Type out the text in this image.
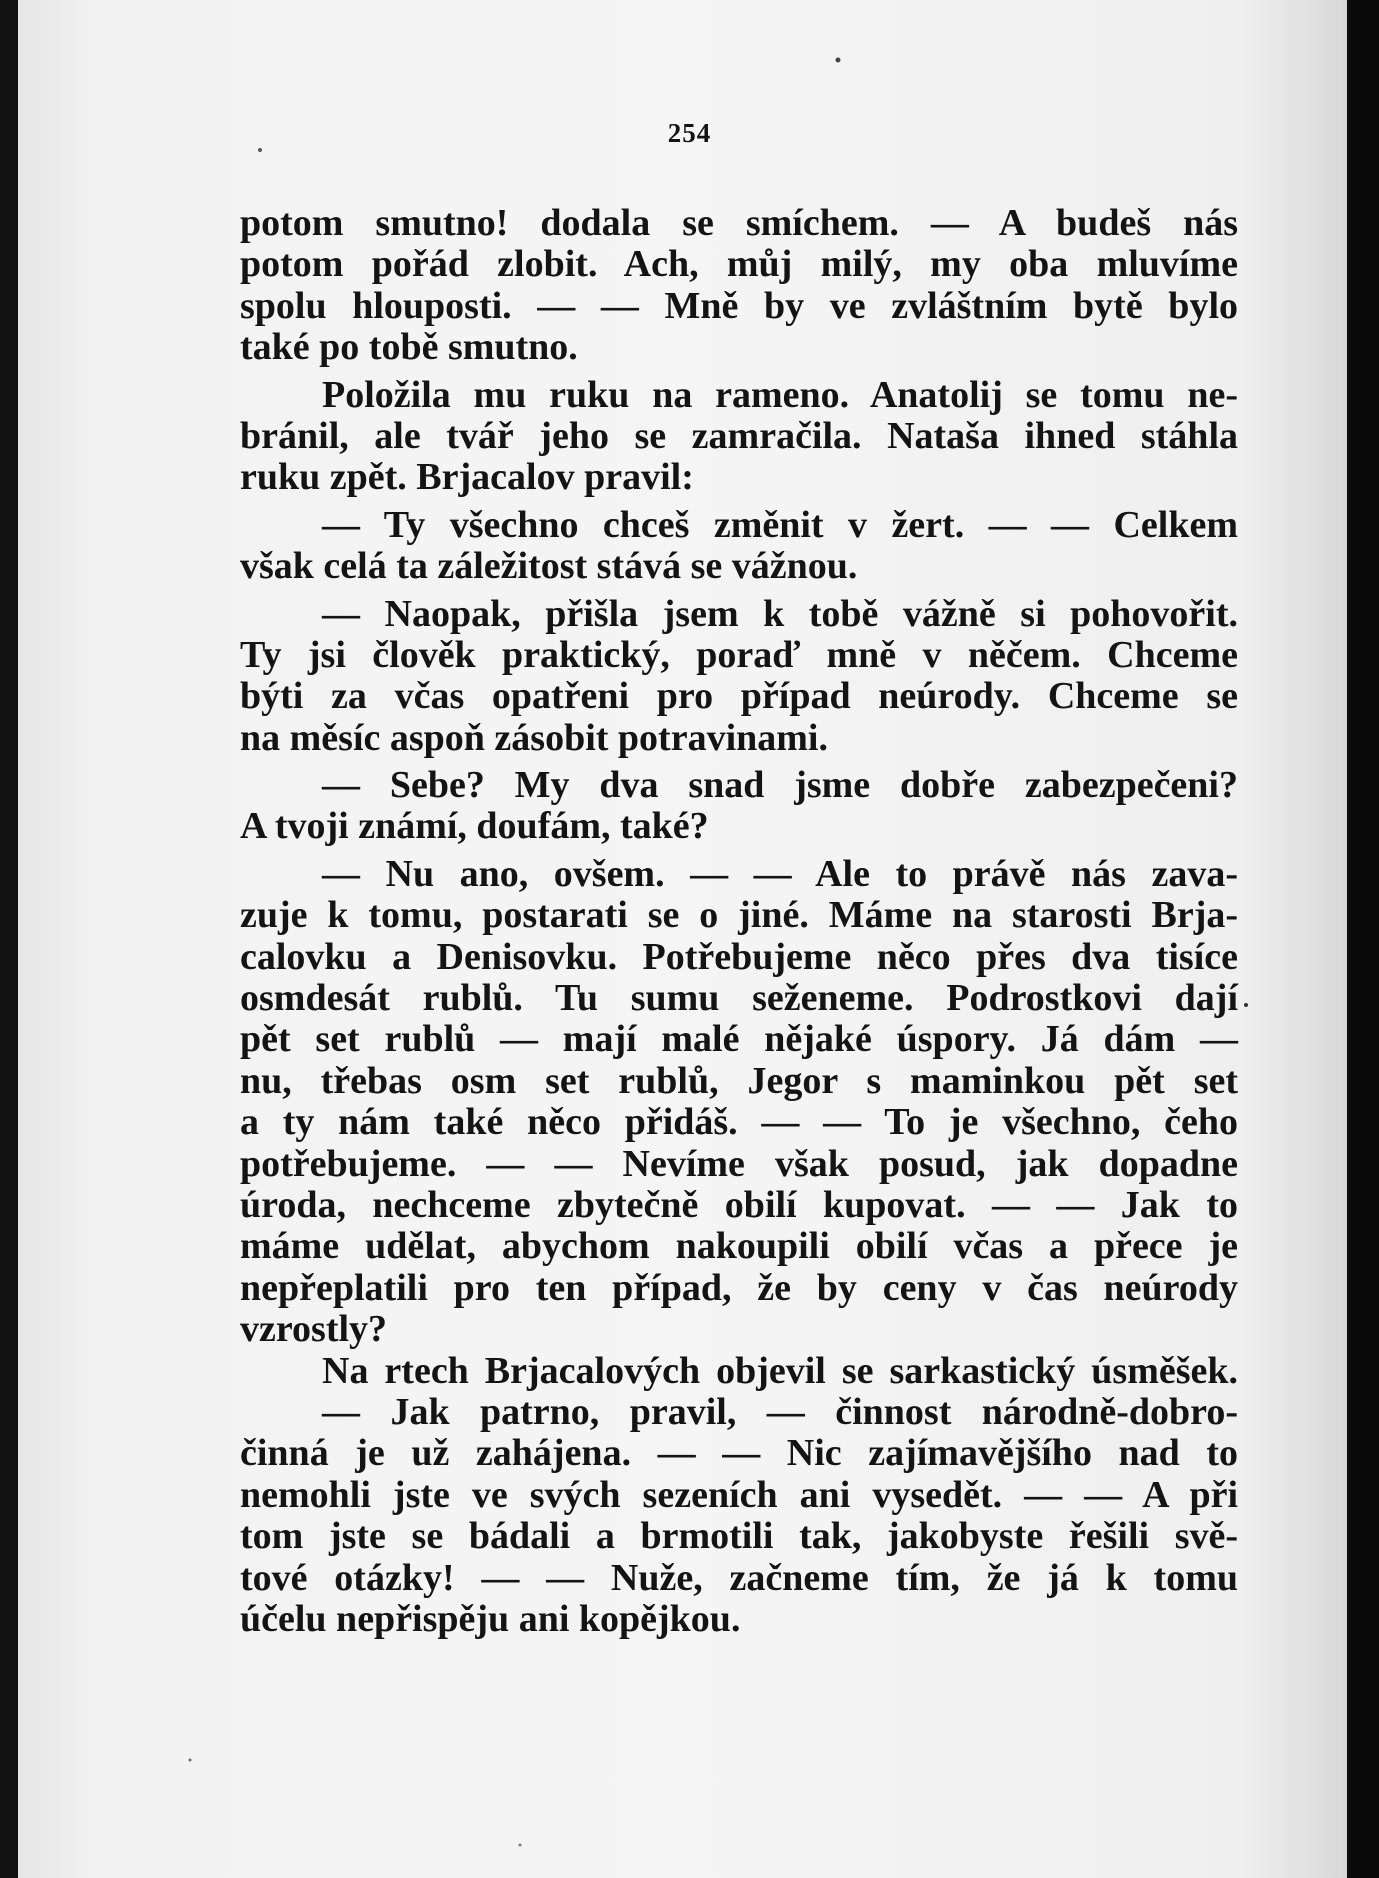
254
potom smutno! dodala se smíchem. — A budeš nás
potom pořád zlobit. Ach, můj milý, my oba mluvíme
spolu hlouposti. — — Mně by ve zvláštním bytě bylo
také po tobě smutno.
Položila mu ruku na rameno. Anatolij se tomu ne-
bránil, ale tvář jeho se zamračila. Nataša ihned stáhla
ruku zpět. Brjacalov pravil:
— Ty všechno chceš změnit v žert. — — Celkem
však celá ta záležitost stává se vážnou.
— Naopak, přišla jsem k tobě vážně si pohovořit.
Ty jsi člověk praktický, poraď mně v něčem. Chceme
býti za včas opatřeni pro případ neúrody. Chceme se
na měsíc aspoň zásobit potravinami.
— Sebe? My dva snad jsme dobře zabezpečeni?
A tvoji známí, doufám, také?
— Nu ano, ovšem. — — Ale to právě nás zava-
zuje k tomu, postarati se o jiné. Máme na starosti Brja-
calovku a Denisovku. Potřebujeme něco přes dva tisíce
osmdesát rublů. Tu sumu seženeme. Podrostkovi dají
pět set rublů — mají malé nějaké úspory. Já dám —
nu, třebas osm set rublů, Jegor s maminkou pět set
a ty nám také něco přidáš. — — To je všechno, čeho
potřebujeme. — — Nevíme však posud, jak dopadne
úroda, nechceme zbytečně obilí kupovat. — — Jak to
máme udělat, abychom nakoupili obilí včas a přece je
nepřeplatili pro ten případ, že by ceny v čas neúrody
vzrostly?
Na rtech Brjacalových objevil se sarkastický úsměšek.
— Jak patrno, pravil, — činnost národně-dobro-
činná je už zahájena. — — Nic zajímavějšího nad to
nemohli jste ve svých sezeních ani vysedět. — — A při
tom jste se bádali a brmotili tak, jakobyste řešili svě-
tové otázky! — — Nuže, začneme tím, že já k tomu
účelu nepřispěju ani kopějkou.
